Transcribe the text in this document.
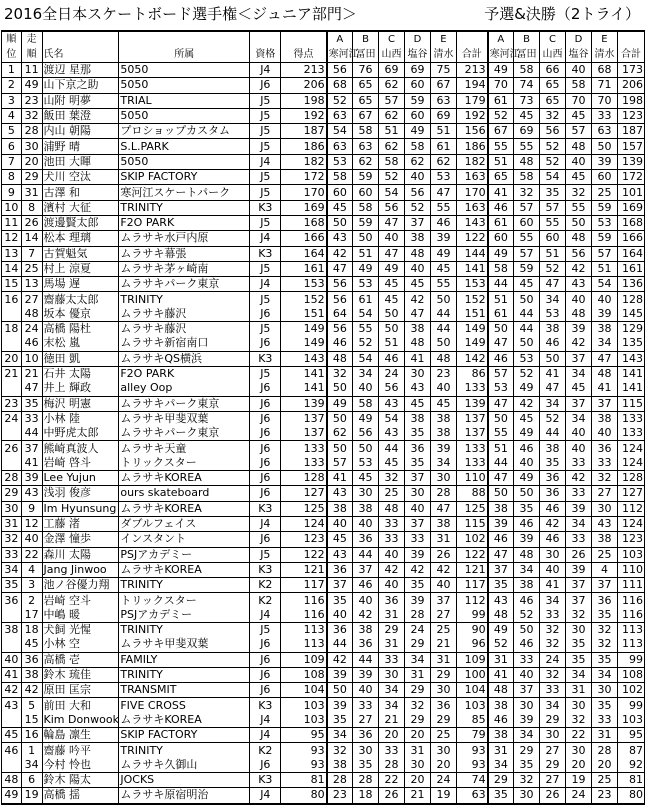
2016全日本スケートボード選手権＜ジュニア部門＞	予選&決勝（2トライ）
順	走					A	B	C	D	E		A	B	C	D	E	
位	順	氏名	所属	資格	得点	寒河江	冨田	山西	塩谷	清水	合計	寒河江	冨田	山西	塩谷	清水	合計
1	11	渡辺 星那	5050	J4	213	56	76	69	69	75	213	49	58	66	40	68	173
2	49	山下京之助	5050	J6	206	68	65	62	60	67	194	70	74	65	58	71	206
3	23	山附 明夢	TRIAL	J5	198	52	65	57	59	63	179	61	73	65	70	70	198
4	32	飯田 葉澄	5050	J5	192	63	67	62	60	69	192	52	45	32	45	33	123
5	28	内山 朝陽	プロショップカスタム	J5	187	54	58	51	49	51	156	67	69	56	57	63	187
6	30	浦野 晴	S.L.PARK	J5	186	63	63	62	58	61	186	55	55	52	48	50	157
7	20	池田 大暉	5050	J4	182	53	62	58	62	62	182	51	48	52	40	39	139
8	29	犬川 空汰	SKIP FACTORY	J5	172	58	59	52	40	53	163	65	58	54	45	60	172
9	31	古澤 和	寒河江スケートパーク	J5	170	60	60	54	56	47	170	41	32	35	32	25	101
10	8	濱村 大征	TRINITY	K3	169	45	58	56	52	55	163	46	57	57	55	59	169
11	26	渡邊賢太郎	F2O PARK	J5	168	50	59	47	37	46	143	61	60	55	50	53	168
12	14	松本 理璃	ムラサキ水戸内原	J4	166	43	50	40	38	39	122	60	55	60	48	59	166
13	7	古賀魁気	ムラサキ幕張	K3	164	42	51	47	48	49	144	49	57	51	56	57	164
14	25	村上 涼夏	ムラサキ茅ヶ崎南	J5	161	47	49	49	40	45	141	58	59	52	42	51	161
15	13	馬場 遅	ムラサキパーク東京	J4	153	56	53	45	45	55	153	44	45	47	43	54	136
16	27	齋藤太太郎	TRINITY	J5	152	56	61	45	42	50	152	51	50	34	40	40	128
	48	坂本 優京	ムラサキ藤沢	J6	151	64	54	50	47	44	151	61	44	53	48	39	145
18	24	高橋 陽杜	ムラサキ藤沢	J5	149	56	55	50	38	44	149	50	44	38	39	38	129
	46	末松 嵐	ムラサキ新宿南口	J6	149	46	52	51	48	50	149	47	50	46	42	34	135
20	10	徳田 凱	ムラサキQS横浜	K3	143	48	54	46	41	48	142	46	53	50	37	47	143
21	21	石井 太陽	F2O PARK	J5	141	32	34	24	30	23	86	57	52	41	34	48	141
	47	井上 輝政	alley Oop	J6	141	50	40	56	43	40	133	53	49	47	45	41	141
23	35	梅沢 明憲	ムラサキパーク東京	J6	139	49	58	43	45	45	139	47	42	34	37	37	115
24	33	小林 陸	ムラサキ甲斐双葉	J6	137	50	49	54	38	38	137	50	45	52	34	38	133
	44	中野虎太郎	ムラサキパーク東京	J6	137	62	56	43	35	38	137	55	49	44	40	40	133
26	37	熊崎真波人	ムラサキ天童	J6	133	50	50	44	36	39	133	51	46	38	40	36	124
	41	岩崎 啓斗	トリックスター	J6	133	57	53	45	35	34	133	44	40	35	33	33	124
28	39	Lee Yujun	ムラサキKOREA	J6	128	41	45	32	37	30	110	47	49	36	42	32	128
29	43	浅羽 俊彦	ours skateboard	J6	127	43	30	25	30	28	88	50	50	36	33	27	127
30	9	Im Hyunsung	ムラサキKOREA	K3	125	38	38	48	40	47	125	38	35	46	39	30	112
31	12	工藤 渚	ダブルフェイス	J4	124	40	40	33	37	38	115	39	46	42	34	43	124
32	40	金澤 憧歩	インスタント	J6	123	45	36	33	33	31	102	46	39	46	33	38	123
33	22	森川 太陽	PSJアカデミー	J5	122	43	44	40	39	26	122	47	48	30	26	25	103
34	4	Jang Jinwoo	ムラサキKOREA	K3	121	36	37	42	42	42	121	37	34	40	39	4	110
35	3	池ノ谷優力翔	TRINITY	K2	117	37	46	40	35	40	117	35	38	41	37	37	111
36	2	岩崎 空斗	トリックスター	K2	116	35	40	36	39	37	112	43	46	34	37	36	116
	17	中嶋 暖	PSJアカデミー	J4	116	40	42	31	28	27	99	48	52	33	32	35	116
38	18	犬飼 光惺	TRINITY	J5	113	36	38	29	24	25	90	49	50	32	30	32	113
	45	小林 空	ムラサキ甲斐双葉	J6	113	44	36	31	29	21	96	52	46	32	35	32	113
40	36	高橋 壱	FAMILY	J6	109	42	44	33	34	31	109	31	33	24	35	35	99
41	38	鈴木 琉佳	TRINITY	J6	108	39	39	30	31	29	100	41	40	32	34	34	108
42	42	原田 匡宗	TRANSMIT	J6	104	50	40	34	29	30	104	48	37	33	31	30	102
43	5	前田 大和	FIVE CROSS	K3	103	39	33	34	32	36	103	38	30	34	30	35	99
	15	Kim Donwook	ムラサキKOREA	J4	103	35	27	21	29	29	85	46	39	29	32	33	103
45	16	輪島 凛生	SKIP FACTORY	J4	95	34	36	20	20	25	79	38	34	30	22	31	95
46	1	齋藤 吟平	TRINITY	K2	93	32	30	33	31	30	93	31	29	27	30	28	87
	34	今村 怜也	ムラサキ久御山	J6	93	38	35	28	30	20	93	34	35	29	20	20	92
48	6	鈴木 陽太	JOCKS	K3	81	28	28	22	20	24	74	29	32	27	19	25	81
49	19	高橋 揺	ムラサキ原宿明治	J4	80	23	18	26	21	19	63	35	30	26	24	23	80
